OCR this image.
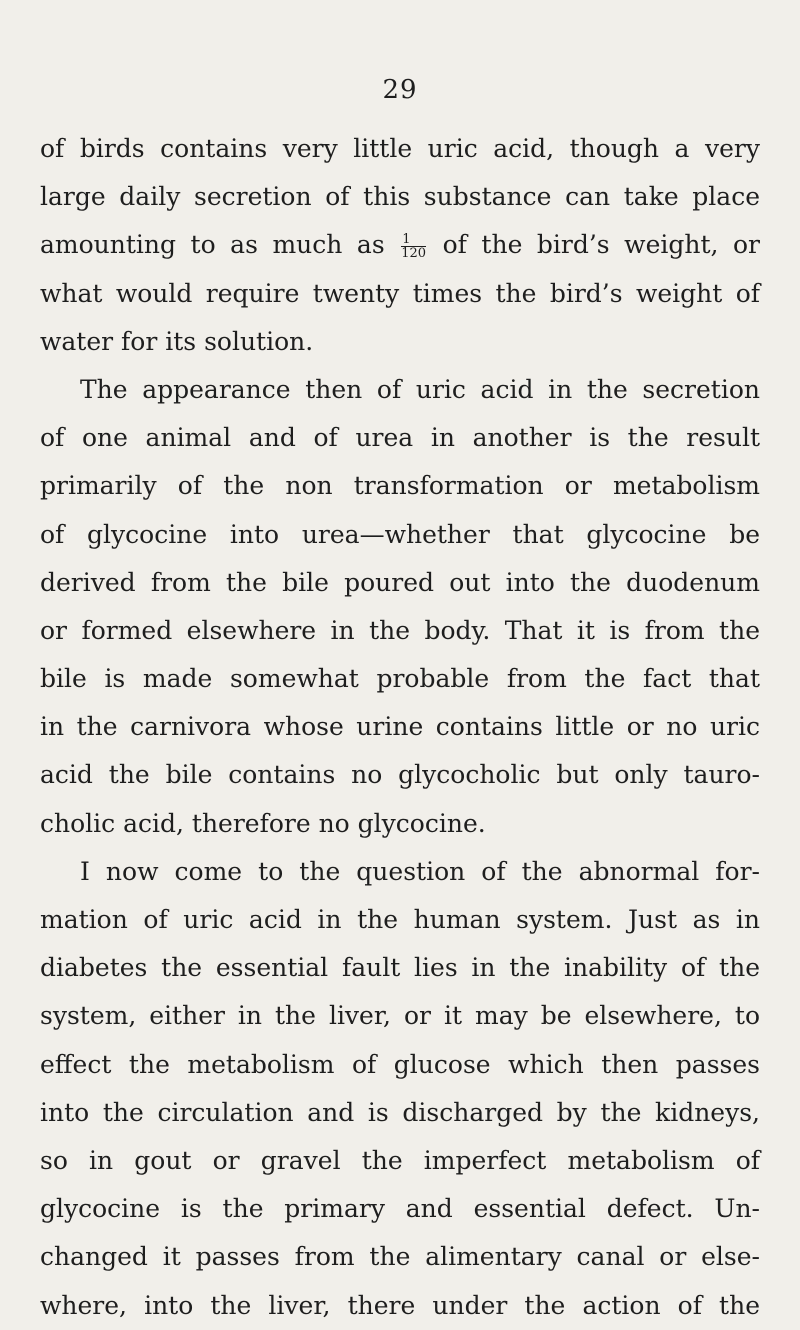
29
of birds contains very little uric acid, though a very
large daily secretion of this substance can take place
amounting to as much as $\frac{1}{120}$ of the bird’s weight, or
what would require twenty times the bird’s weight of
water for its solution.
The appearance then of uric acid in the secretion
of one animal and of urea in another is the result
primarily of the non transformation or metabolism
of glycocine into urea—whether that glycocine be
derived from the bile poured out into the duodenum
or formed elsewhere in the body. That it is from the
bile is made somewhat probable from the fact that
in the carnivora whose urine contains little or no uric
acid the bile contains no glycocholic but only tauro-
cholic acid, therefore no glycocine.
I now come to the question of the abnormal for-
mation of uric acid in the human system. Just as in
diabetes the essential fault lies in the inability of the
system, either in the liver, or it may be elsewhere, to
effect the metabolism of glucose which then passes
into the circulation and is discharged by the kidneys,
so in gout or gravel the imperfect metabolism of
glycocine is the primary and essential defect. Un-
changed it passes from the alimentary canal or else-
where, into the liver, there under the action of the
